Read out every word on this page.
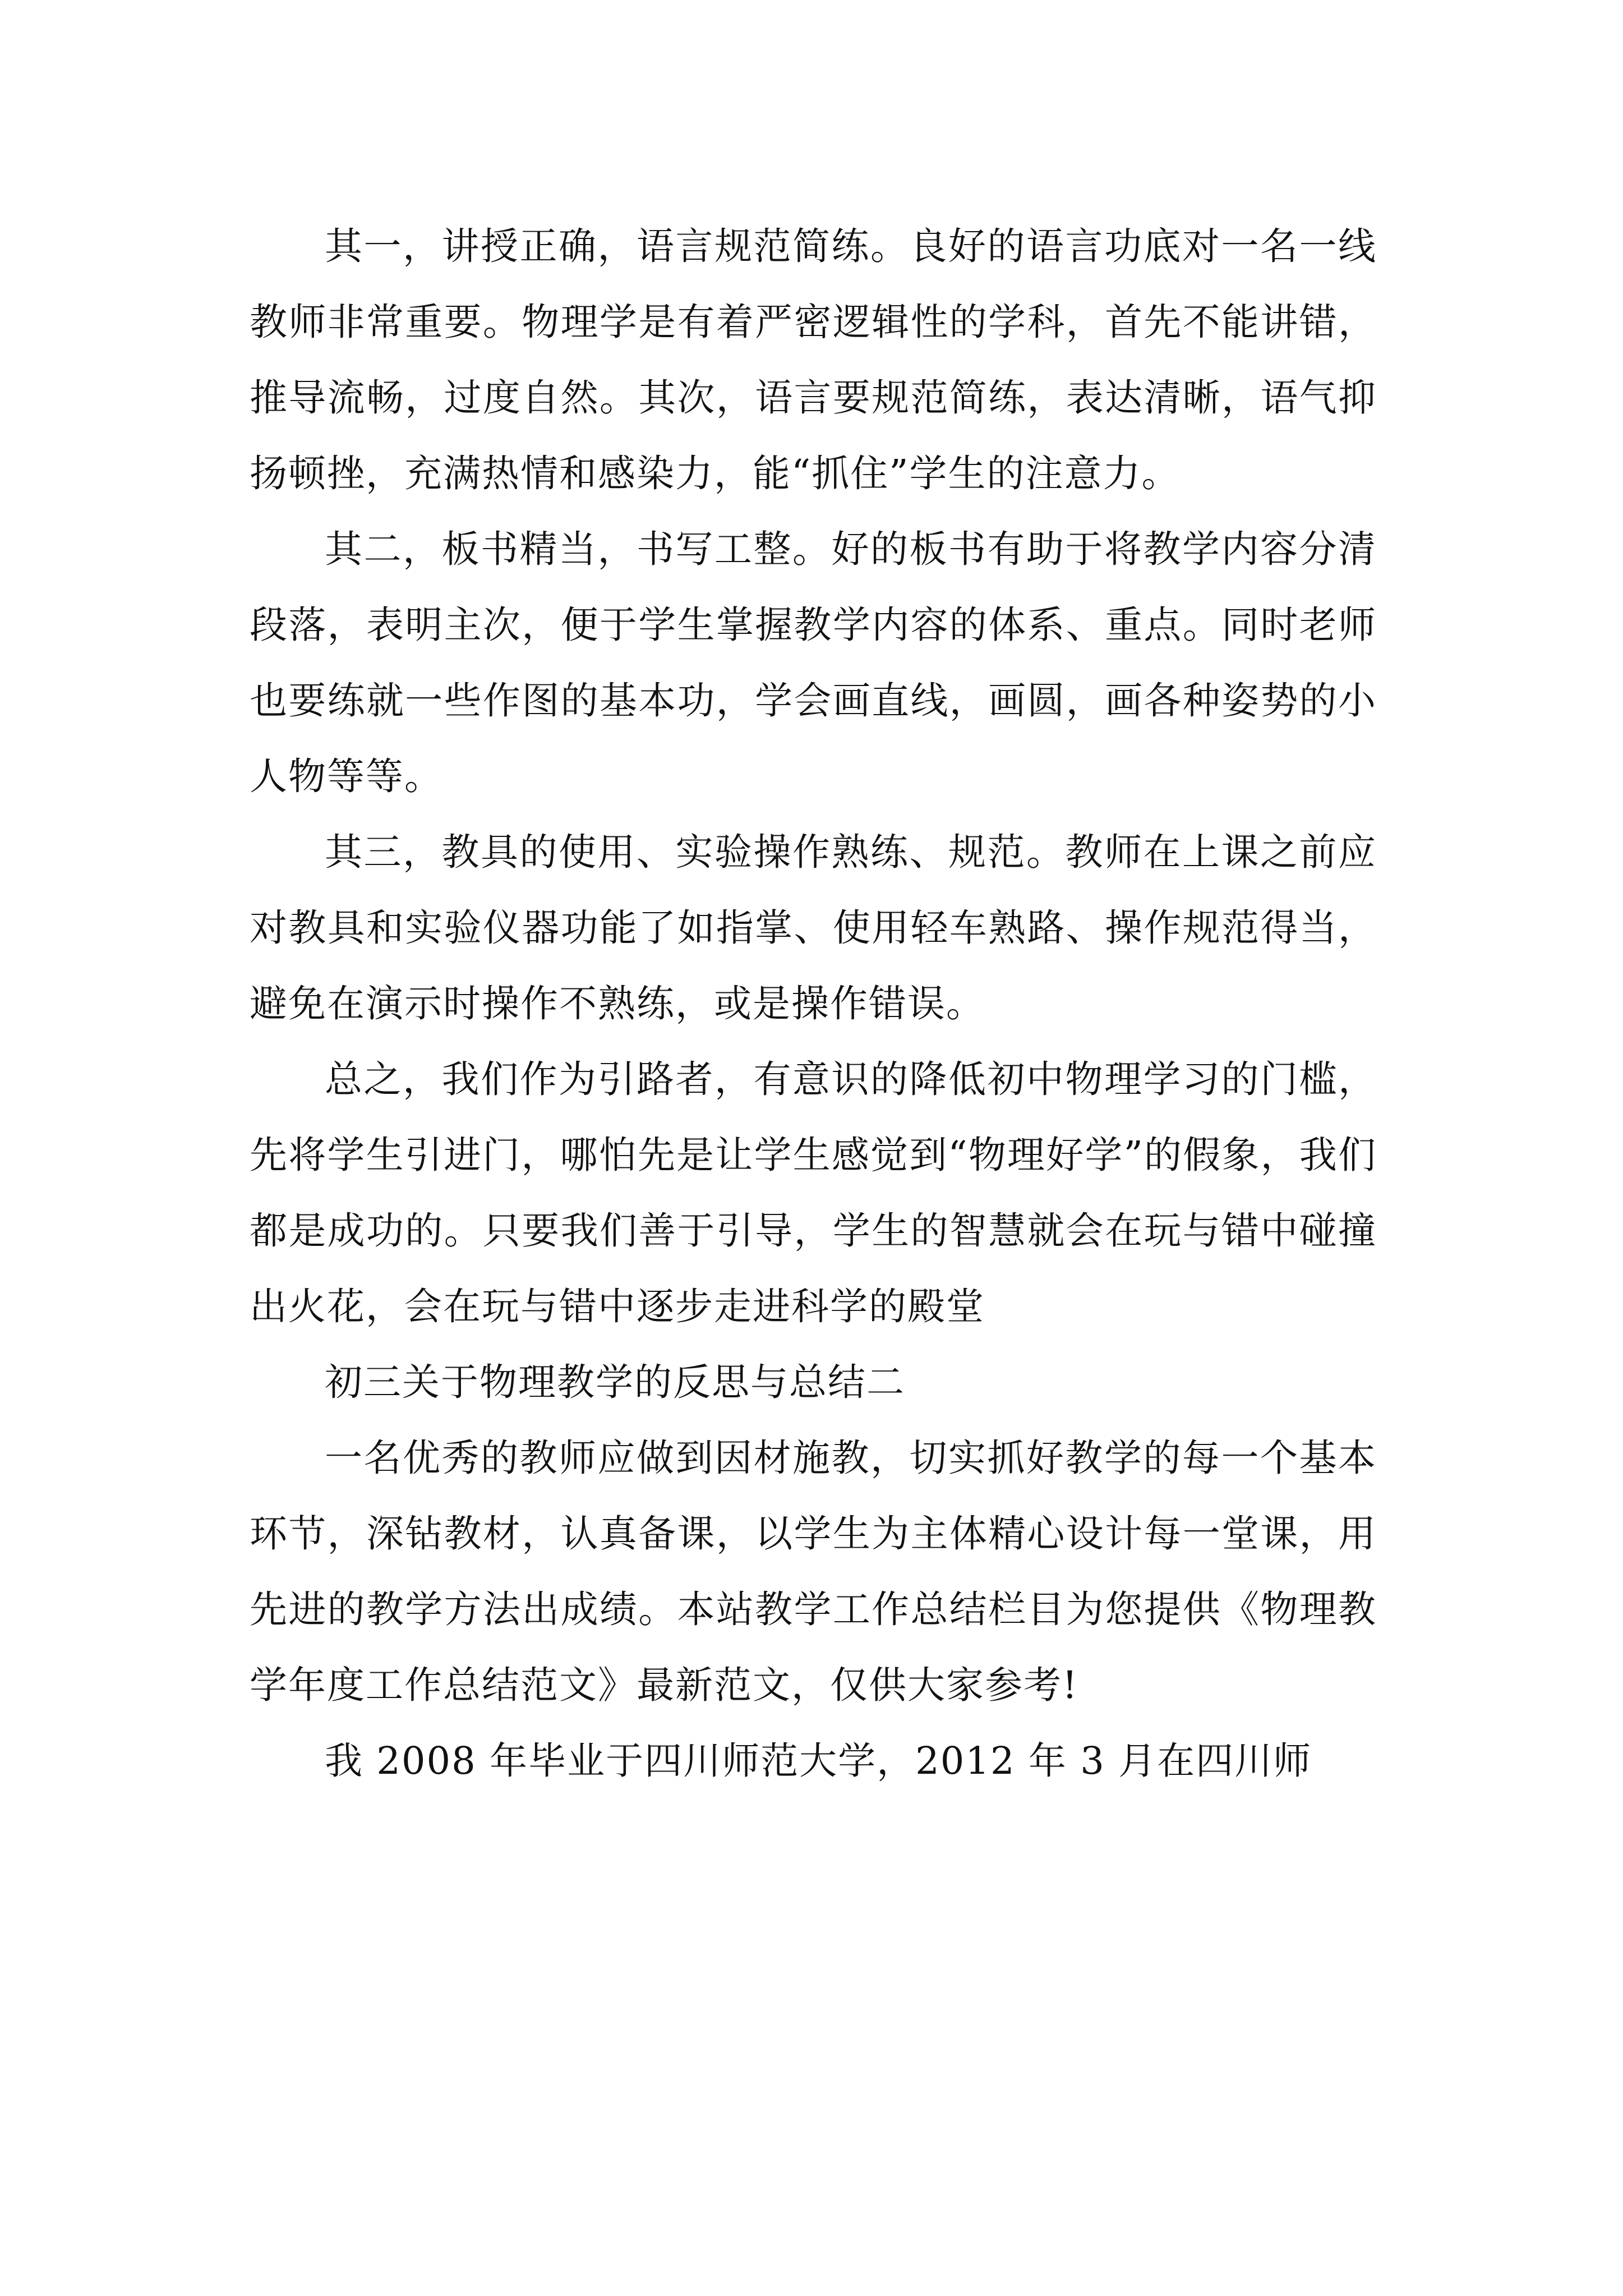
其一，讲授正确，语言规范简练。良好的语言功底对一名一线教师非常重要。物理学是有着严密逻辑性的学科，首先不能讲错，推导流畅，过度自然。其次，语言要规范简练，表达清晰，语气抑扬顿挫，充满热情和感染力，能“抓住”学生的注意力。

其二，板书精当，书写工整。好的板书有助于将教学内容分清段落，表明主次，便于学生掌握教学内容的体系、重点。同时老师也要练就一些作图的基本功，学会画直线，画圆，画各种姿势的小人物等等。

其三，教具的使用、实验操作熟练、规范。教师在上课之前应对教具和实验仪器功能了如指掌、使用轻车熟路、操作规范得当，避免在演示时操作不熟练，或是操作错误。

总之，我们作为引路者，有意识的降低初中物理学习的门槛，先将学生引进门，哪怕先是让学生感觉到“物理好学”的假象，我们都是成功的。只要我们善于引导，学生的智慧就会在玩与错中碰撞出火花，会在玩与错中逐步走进科学的殿堂

初三关于物理教学的反思与总结二

一名优秀的教师应做到因材施教，切实抓好教学的每一个基本环节，深钻教材，认真备课，以学生为主体精心设计每一堂课，用先进的教学方法出成绩。本站教学工作总结栏目为您提供《物理教学年度工作总结范文》最新范文，仅供大家参考!

我 2008 年毕业于四川师范大学，2012 年 3 月在四川师
